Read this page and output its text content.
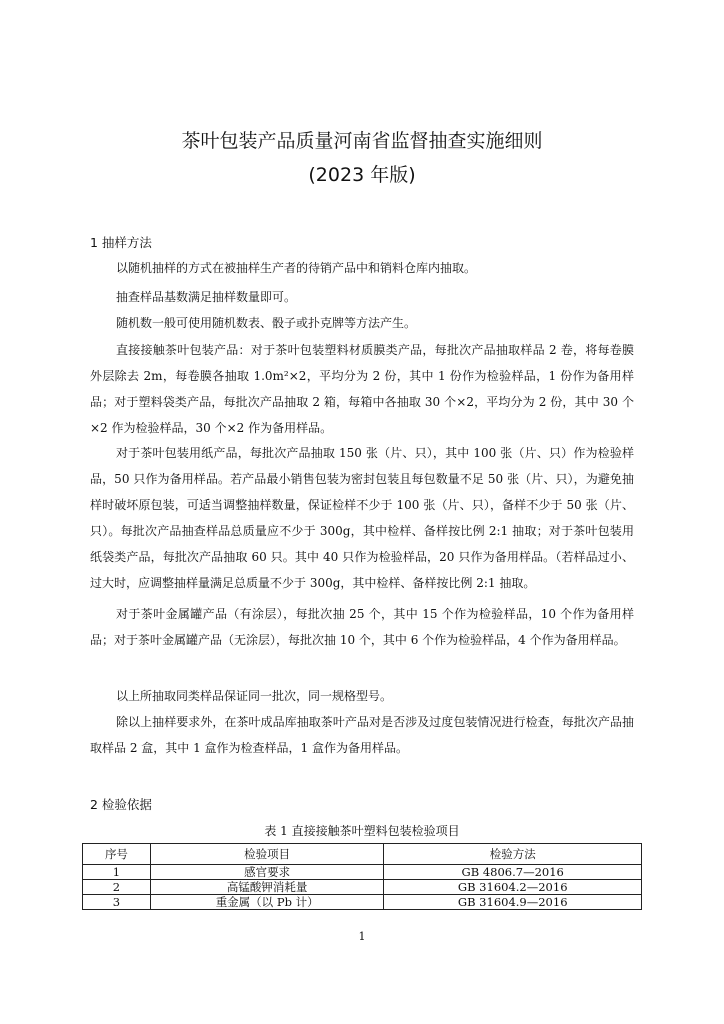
茶叶包装产品质量河南省监督抽查实施细则
(2023 年版)
1 抽样方法
以随机抽样的方式在被抽样生产者的待销产品中和销料仓库内抽取。
抽查样品基数满足抽样数量即可。
随机数一般可使用随机数表、骰子或扑克牌等方法产生。
直接接触茶叶包装产品：对于茶叶包装塑料材质膜类产品，每批次产品抽取样品 2 卷，将每卷膜外层除去 2m，每卷膜各抽取 1.0m²×2，平均分为 2 份，其中 1 份作为检验样品，1 份作为备用样品；对于塑料袋类产品，每批次产品抽取 2 箱，每箱中各抽取 30 个×2，平均分为 2 份，其中 30 个×2 作为检验样品，30 个×2 作为备用样品。
对于茶叶包装用纸产品，每批次产品抽取 150 张（片、只），其中 100 张（片、只）作为检验样品，50 只作为备用样品。若产品最小销售包装为密封包装且每包数量不足 50 张（片、只），为避免抽样时破坏原包装，可适当调整抽样数量，保证检样不少于 100 张（片、只），备样不少于 50 张（片、只）。每批次产品抽查样品总质量应不少于 300g，其中检样、备样按比例 2:1 抽取；对于茶叶包装用纸袋类产品，每批次产品抽取 60 只。其中 40 只作为检验样品，20 只作为备用样品。（若样品过小、过大时，应调整抽样量满足总质量不少于 300g，其中检样、备样按比例 2:1 抽取。
对于茶叶金属罐产品（有涂层），每批次抽 25 个，其中 15 个作为检验样品，10 个作为备用样品；对于茶叶金属罐产品（无涂层），每批次抽 10 个，其中 6 个作为检验样品，4 个作为备用样品。
以上所抽取同类样品保证同一批次，同一规格型号。
除以上抽样要求外，在茶叶成品库抽取茶叶产品对是否涉及过度包装情况进行检查，每批次产品抽取样品 2 盒，其中 1 盒作为检查样品，1 盒作为备用样品。
2 检验依据
表 1 直接接触茶叶塑料包装检验项目
序号	检验项目	检验方法
1	感官要求	GB 4806.7—2016
2	高锰酸钾消耗量	GB 31604.2—2016
3	重金属（以 Pb 计）	GB 31604.9—2016
1
